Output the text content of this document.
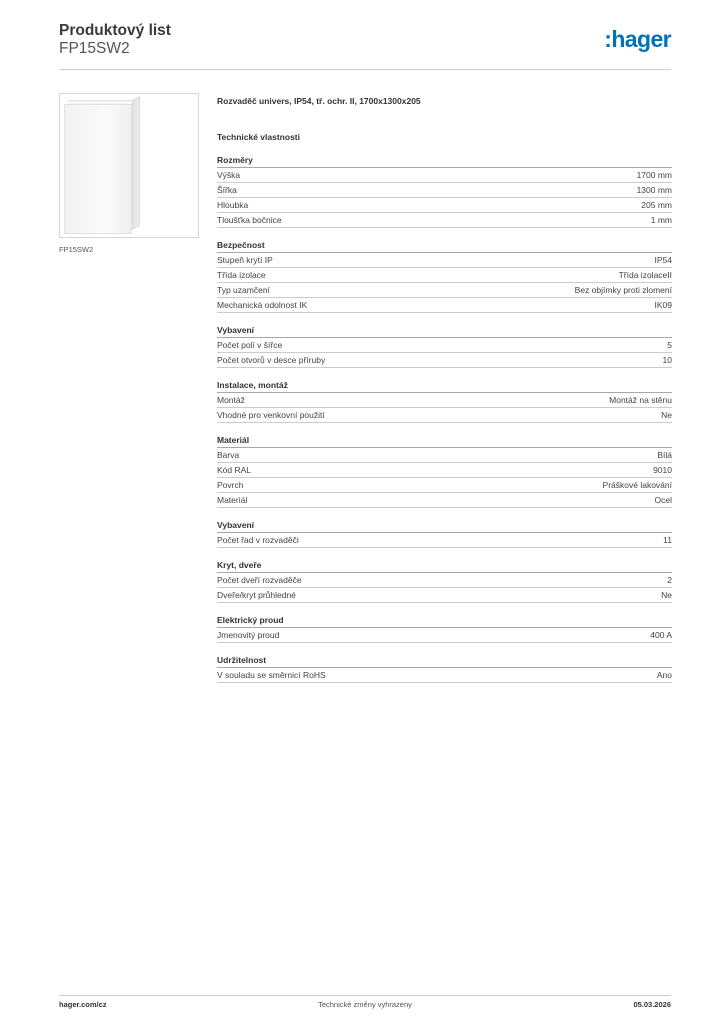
Produktový list
FP15SW2	:hager
FP15SW2
Rozvaděč univers, IP54, tř. ochr. II, 1700x1300x205
Technické vlastnosti
Rozměry
Výška	1700 mm
Šířka	1300 mm
Hloubka	205 mm
Tloušťka bočnice	1 mm
Bezpečnost
Stupeň krytí IP	IP54
Třída izolace	Třída izolaceII
Typ uzamčení	Bez objímky proti zlomení
Mechanická odolnost IK	IK09
Vybavení
Počet polí v šířce	5
Počet otvorů v desce příruby	10
Instalace, montáž
Montáž	Montáž na stěnu
Vhodné pro venkovní použití	Ne
Materiál
Barva	Bílá
Kód RAL	9010
Povrch	Práškové lakování
Materiál	Ocel
Vybavení
Počet řad v rozvaděči	11
Kryt, dveře
Počet dveří rozvaděče	2
Dveře/kryt průhledné	Ne
Elektrický proud
Jmenovitý proud	400 A
Udržitelnost
V souladu se směrnicí RoHS	Ano
hager.com/cz	Technické změny vyhrazeny	05.03.2026
